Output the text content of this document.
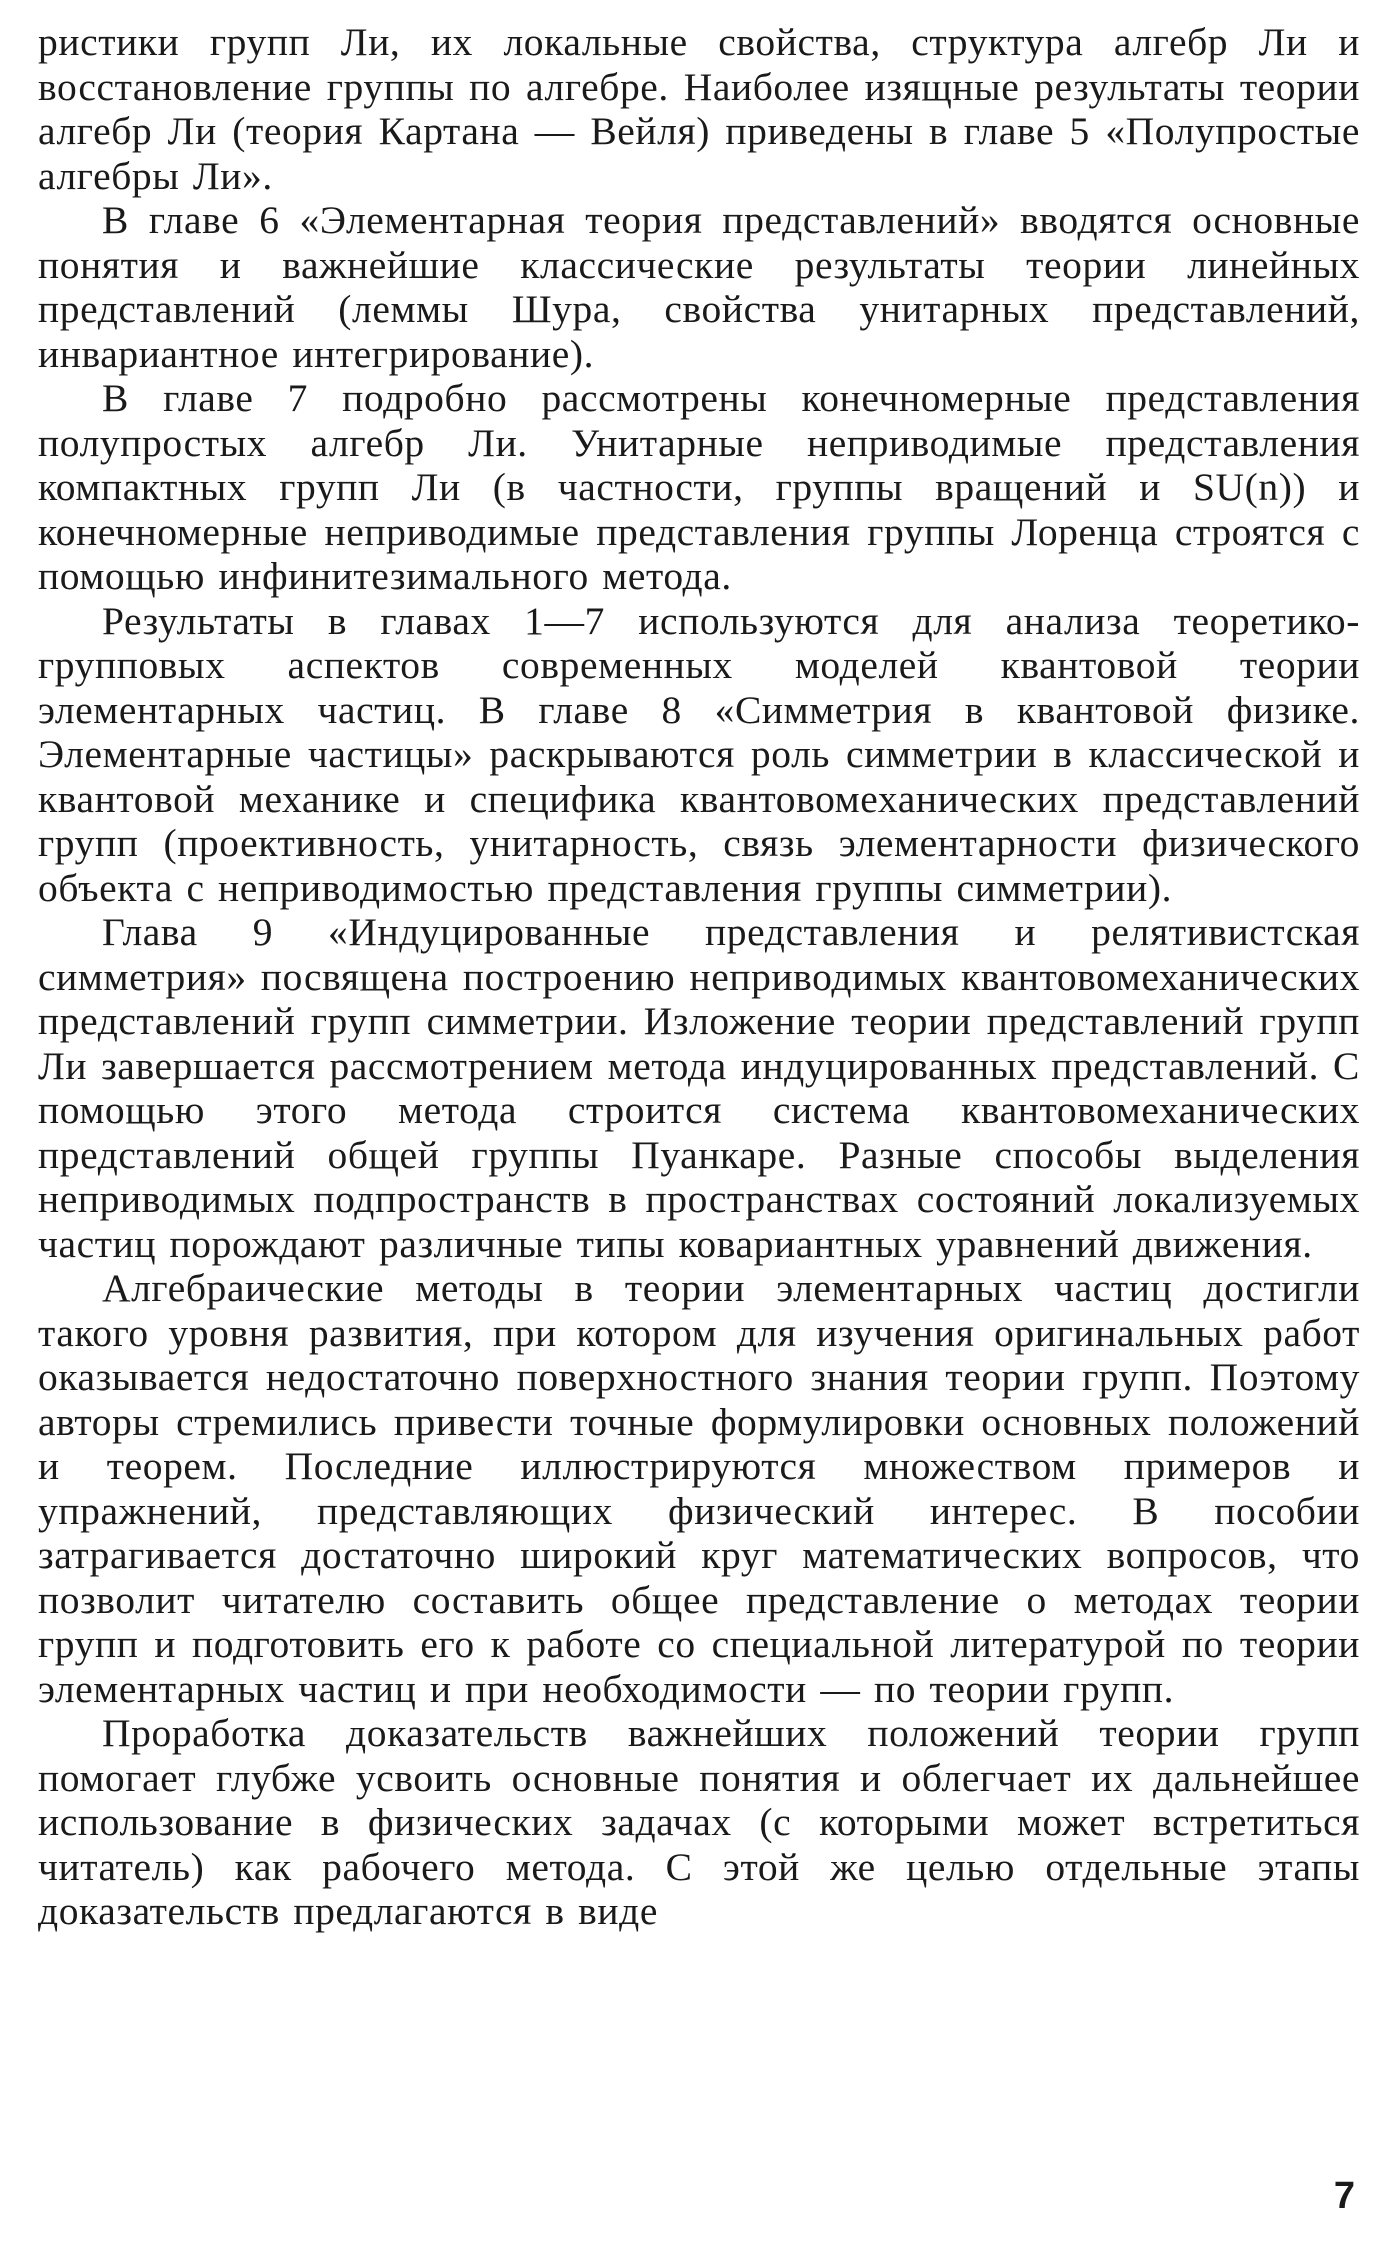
ристики групп Ли, их локальные свойства, структура алгебр Ли и восстановление группы по алгебре. Наиболее изящные результаты теории алгебр Ли (теория Картана — Вейля) приведены в главе 5 «Полупростые алгебры Ли».

В главе 6 «Элементарная теория представлений» вводятся основные понятия и важнейшие классические результаты теории линейных представлений (леммы Шура, свойства унитарных представлений, инвариантное интегрирование).

В главе 7 подробно рассмотрены конечномерные представления полупростых алгебр Ли. Унитарные неприводимые представления компактных групп Ли (в частности, группы вращений и SU(n)) и конечномерные неприводимые представления группы Лоренца строятся с помощью инфинитезимального метода.

Результаты в главах 1—7 используются для анализа теоретико-групповых аспектов современных моделей квантовой теории элементарных частиц. В главе 8 «Симметрия в квантовой физике. Элементарные частицы» раскрываются роль симметрии в классической и квантовой механике и специфика квантовомеханических представлений групп (проективность, унитарность, связь элементарности физического объекта с неприводимостью представления группы симметрии).

Глава 9 «Индуцированные представления и релятивистская симметрия» посвящена построению неприводимых квантовомеханических представлений групп симметрии. Изложение теории представлений групп Ли завершается рассмотрением метода индуцированных представлений. С помощью этого метода строится система квантовомеханических представлений общей группы Пуанкаре. Разные способы выделения неприводимых подпространств в пространствах состояний локализуемых частиц порождают различные типы ковариантных уравнений движения.

Алгебраические методы в теории элементарных частиц достигли такого уровня развития, при котором для изучения оригинальных работ оказывается недостаточно поверхностного знания теории групп. Поэтому авторы стремились привести точные формулировки основных положений и теорем. Последние иллюстрируются множеством примеров и упражнений, представляющих физический интерес. В пособии затрагивается достаточно широкий круг математических вопросов, что позволит читателю составить общее представление о методах теории групп и подготовить его к работе со специальной литературой по теории элементарных частиц и при необходимости — по теории групп.

Проработка доказательств важнейших положений теории групп помогает глубже усвоить основные понятия и облегчает их дальнейшее использование в физических задачах (с которыми может встретиться читатель) как рабочего метода. С этой же целью отдельные этапы доказательств предлагаются в виде

7
